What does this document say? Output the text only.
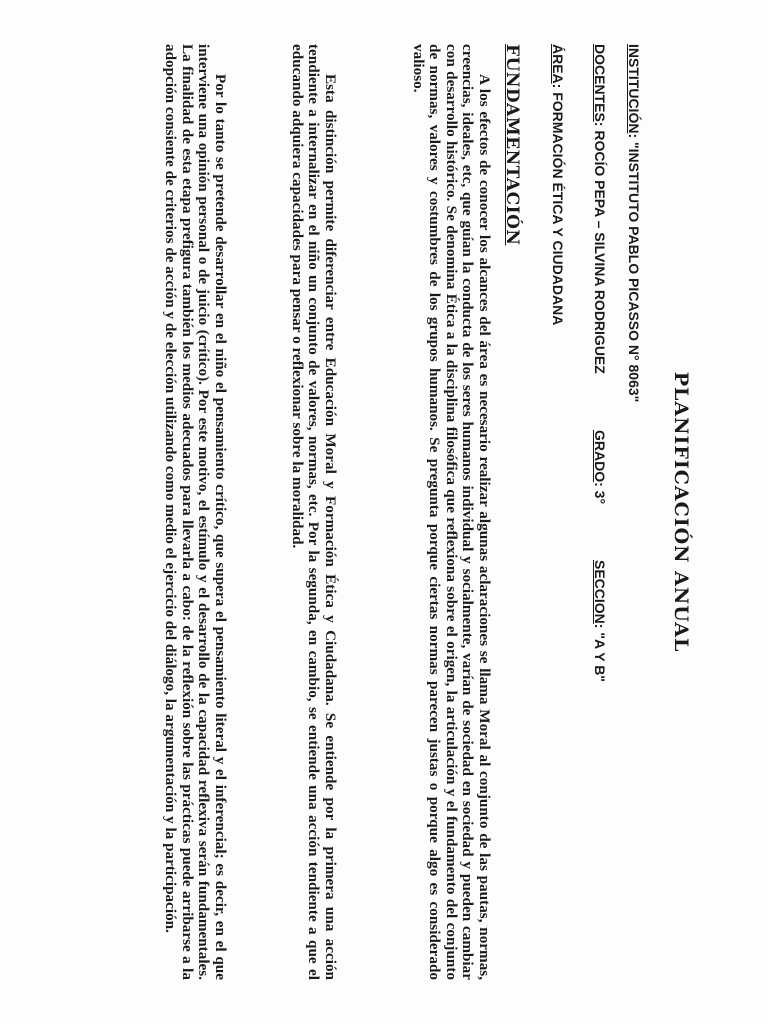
PLANIFICACIÓN ANUAL
INSTITUCIÓN: "INSTITUTO PABLO PICASSO N° 8063"
DOCENTES: ROCÍO PEPA – SILVINA RODRIGUEZ
GRADO: 3°
SECCION: "A Y B"
ÁREA: FORMACIÓN ÉTICA Y CIUDADANA
FUNDAMENTACIÓN

A los efectos de conocer los alcances del área es necesario realizar algunas aclaraciones se llama Moral al conjunto de las pautas, normas, creencias, ideales, etc, que guían la conducta de los seres humanos individual y socialmente, varían de sociedad en sociedad y pueden cambiar con desarrollo histórico. Se denomina Ética a la disciplina filosófica que reflexiona sobre el origen, la articulación y el fundamento del conjunto de normas, valores y costumbres de los grupos humanos. Se pregunta porque ciertas normas parecen justas o porque algo es considerado valioso.

Esta distinción permite diferenciar entre Educación Moral y Formación Ética y Ciudadana. Se entiende por la primera una acción tendiente a internalizar en el niño un conjunto de valores, normas, etc. Por la segunda, en cambio, se entiende una acción tendiente a que el educando adquiera capacidades para pensar o reflexionar sobre la moralidad.

Por lo tanto se pretende desarrollar en el niño el pensamiento crítico, que supera el pensamiento literal y el inferencial; es decir, en el que interviene una opinión personal o de juicio (crítico). Por este motivo, el estímulo y el desarrollo de la capacidad reflexiva serán fundamentales. La finalidad de esta etapa prefigura también los medios adecuados para llevarla a cabo: de la reflexión sobre las prácticas puede arribarse a la adopción consiente de criterios de acción y de elección utilizando como medio el ejercicio del diálogo, la argumentación y la participación.
